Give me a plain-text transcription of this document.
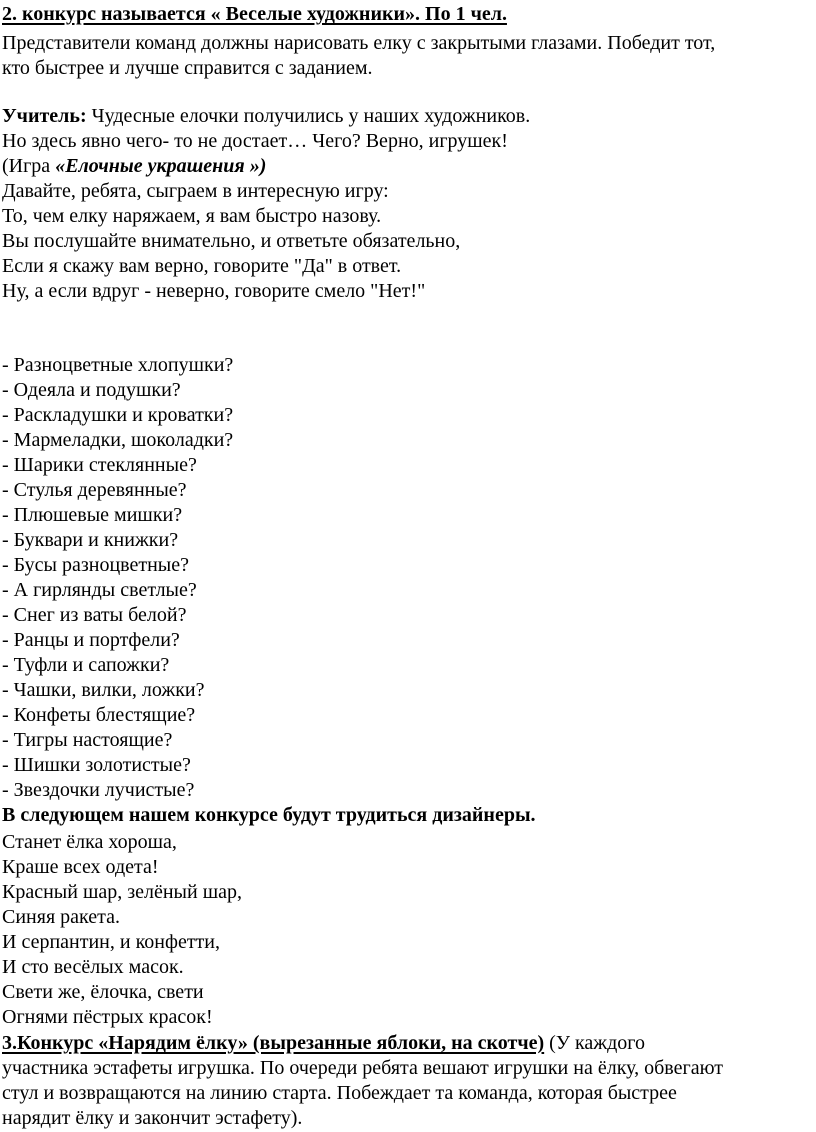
2. конкурс называется « Веселые художники». По 1 чел.
Представители команд должны нарисовать елку с закрытыми глазами. Победит тот,
кто быстрее и лучше справится с заданием.
Учитель: Чудесные елочки получились у наших художников.
Но здесь явно чего- то не достает… Чего? Верно, игрушек!
(Игра «Елочные украшения »)
Давайте, ребята, сыграем в интересную игру:
То, чем елку наряжаем, я вам быстро назову.
Вы послушайте внимательно, и ответьте обязательно,
Если я скажу вам верно, говорите "Да" в ответ.
Ну, а если вдруг - неверно, говорите смело "Нет!"
- Разноцветные хлопушки?
- Одеяла и подушки?
- Раскладушки и кроватки?
- Мармеладки, шоколадки?
- Шарики стеклянные?
- Стулья деревянные?
- Плюшевые мишки?
- Буквари и книжки?
- Бусы разноцветные?
- А гирлянды светлые?
- Снег из ваты белой?
- Ранцы и портфели?
- Туфли и сапожки?
- Чашки, вилки, ложки?
- Конфеты блестящие?
- Тигры настоящие?
- Шишки золотистые?
- Звездочки лучистые?
В следующем нашем конкурсе будут трудиться дизайнеры.
Станет ёлка хороша,
Краше всех одета!
Красный шар, зелёный шар,
Синяя ракета.
И серпантин, и конфетти,
И сто весёлых масок.
Свети же, ёлочка, свети
Огнями пёстрых красок!
3.Конкурс «Нарядим ёлку» (вырезанные яблоки, на скотче) (У каждого
участника эстафеты игрушка. По очереди ребята вешают игрушки на ёлку, обвегают
стул и возвращаются на линию старта. Побеждает та команда, которая быстрее
нарядит ёлку и закончит эстафету).
